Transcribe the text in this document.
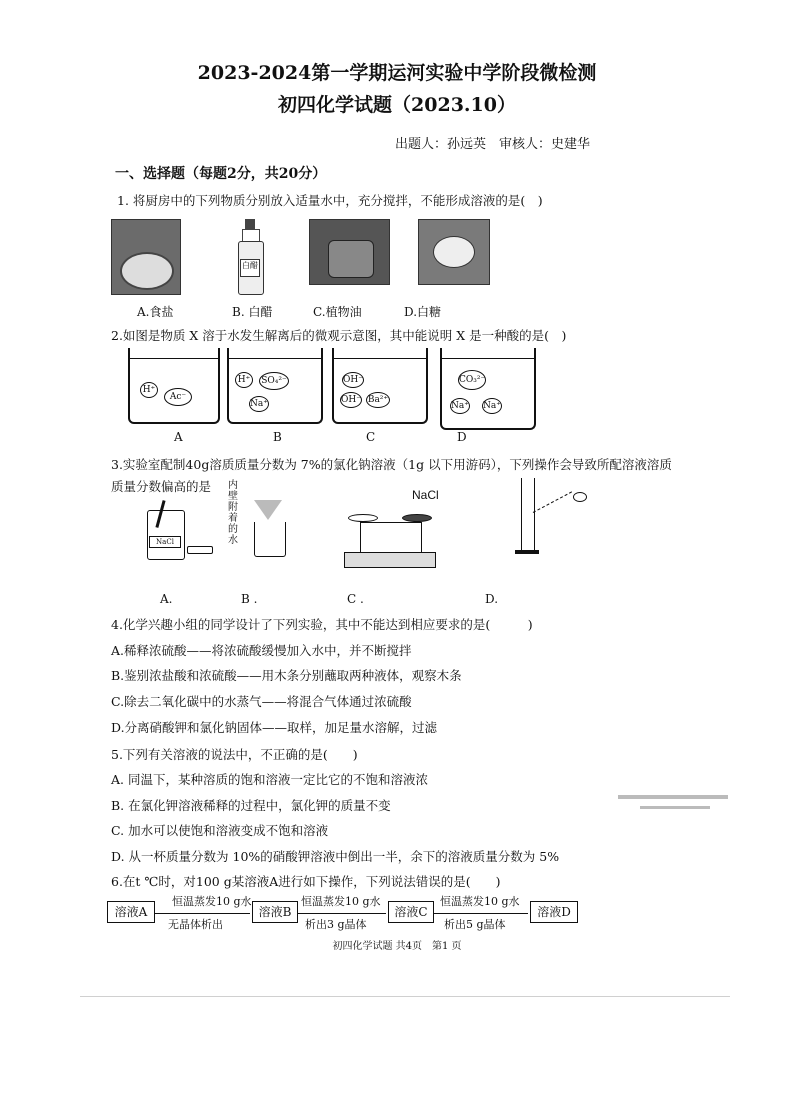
2023-2024第一学期运河实验中学阶段微检测
初四化学试题（2023.10）
出题人：孙远英　审核人：史建华
一、选择题（每题2分，共20分）
1. 将厨房中的下列物质分别放入适量水中，充分搅拌，不能形成溶液的是(　)
白醋
A.食盐	B. 白醋	C.植物油	D.白糖
2.如图是物质 X 溶于水发生解离后的微观示意图，其中能说明 X 是一种酸的是(　)
H⁺
Ac⁻
H⁺	SO₄²⁻
Na⁺
OH⁻
OH⁻ Ba²⁺
CO₃²⁻
Na⁺ Na⁺
A	B	C	D
3.实验室配制40g溶质质量分数为 7%的氯化钠溶液（1g 以下用游码），下列操作会导致所配溶液溶质
质量分数偏高的是
NaCl
内壁附着的水
NaCl
A.	B .	C .	D.
4.化学兴趣小组的同学设计了下列实验，其中不能达到相应要求的是(　　　)
A.稀释浓硫酸——将浓硫酸缓慢加入水中，并不断搅拌
B.鉴别浓盐酸和浓硫酸——用木条分别蘸取两种液体，观察木条
C.除去二氧化碳中的水蒸气——将混合气体通过浓硫酸
D.分离硝酸钾和氯化钠固体——取样，加足量水溶解，过滤
5.下列有关溶液的说法中，不正确的是(　　)
A. 同温下，某种溶质的饱和溶液一定比它的不饱和溶液浓
B. 在氯化钾溶液稀释的过程中，氯化钾的质量不变
C. 加水可以使饱和溶液变成不饱和溶液
D. 从一杯质量分数为 10%的硝酸钾溶液中倒出一半，余下的溶液质量分数为 5%
6.在t ℃时，对100 g某溶液A进行如下操作，下列说法错误的是(　　)
溶液A
恒温蒸发10 g水
无晶体析出
溶液B
恒温蒸发10 g水
析出3 g晶体
溶液C
恒温蒸发10 g水
析出5 g晶体
溶液D
初四化学试题 共4页　第1 页
